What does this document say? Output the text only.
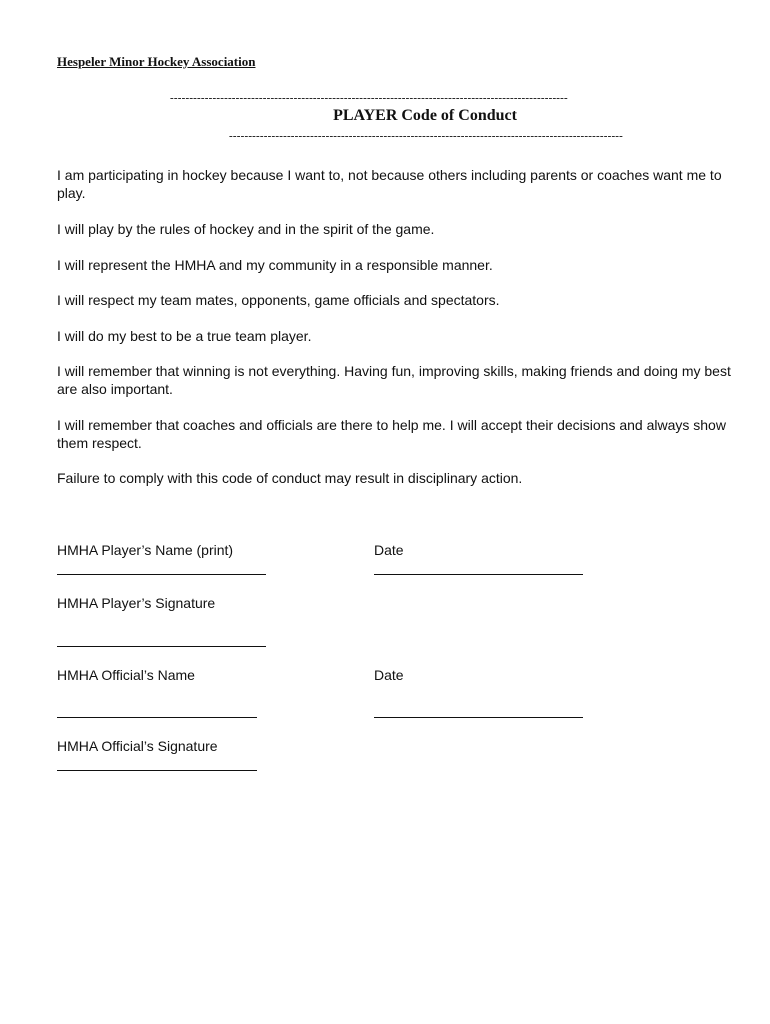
Hespeler Minor Hockey Association
-------------------------------------------------------------------------------------------------------
PLAYER Code of Conduct
------------------------------------------------------------------------------------------------------
I am participating in hockey because I want to, not because others including parents or coaches want me to play.
I will play by the rules of hockey and in the spirit of the game.
I will represent the HMHA and my community in a responsible manner.
I will respect my team mates, opponents, game officials and spectators.
I will do my best to be a true team player.
I will remember that winning is not everything. Having fun, improving skills, making friends and doing my best are also important.
I will remember that coaches and officials are there to help me. I will accept their decisions and always show them respect.
Failure to comply with this code of conduct may result in disciplinary action.
HMHA Player’s Name (print)	Date
HMHA Player’s Signature
HMHA Official’s Name	Date
HMHA Official’s Signature
